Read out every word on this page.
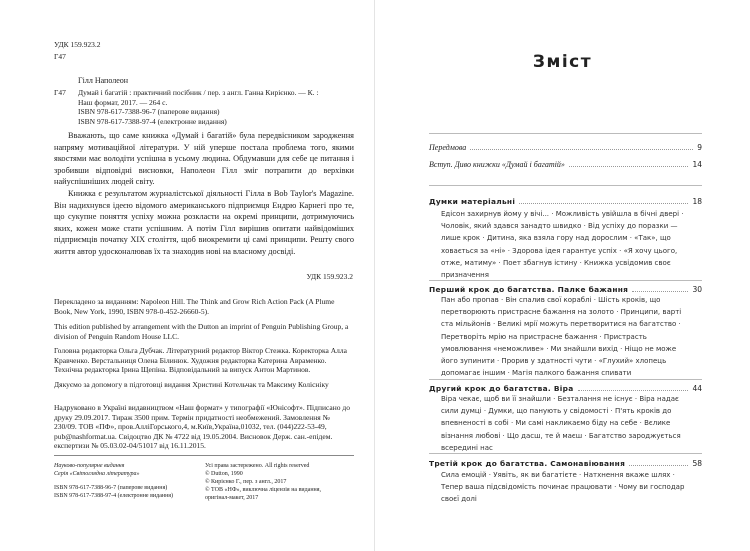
УДК 159.923.2
Г47
Гілл Наполеон
Г47 Думай і багатій : практичний посібник / пер. з англ. Ганна Кирієнко. — К. :
Наш формат, 2017. — 264 с.
ISBN 978-617-7388-96-7 (паперове видання)
ISBN 978-617-7388-97-4 (електронне видання)

Вважають, що саме книжка «Думай і багатій» була передвісником зародження напряму мотиваційної літератури. У ній уперше постала проблема того, якими якостями має володіти успішна в усьому людина. Обдумавши для себе це питання і зробивши відповідні висновки, Наполеон Гілл зміг потрапити до верхівки найуспішніших людей світу.

Книжка є результатом журналістської діяльності Гілла в Bob Taylor's Magazine. Він надихнувся ідеєю відомого американського підприємця Ендрю Карнегі про те, що сукупне поняття успіху можна розкласти на окремі принципи, дотримуючись яких, кожен може стати успішним. А потім Гілл вирішив опитати найвідоміших підприємців початку ХІХ століття, щоб виокремити ці самі принципи. Решту свого життя автор удосконалював їх та знаходив нові на власному досвіді.

УДК 159.923.2
Перекладено за виданням: Napoleon Hill. The Think and Grow Rich Action Pack (A Plume Book, New York, 1990, ISBN 978-0-452-26660-5).
This edition published by arrangement with the Dutton an imprint of Penguin Publishing Group, a division of Penguin Random House LLC.
Головна редакторка Ольга Дубчак. Літературний редактор Віктор Стежка. Коректорка Алла Кравченко. Верстальниця Олена Білинюк. Художня редакторка Катерина Авраменко. Технічна редакторка Ірина Щепіна. Відповідальний за випуск Антон Мартинов.
Дякуємо за допомогу в підготовці видання Христині Котельчак та Максиму Колісніку
Надруковано в Україні видавництвом «Наш формат» у типографії «Юнісофт». Підписано до друку 29.09.2017. Тираж 3500 прим. Термін придатності необмежений. Замовлення № 230/09. ТОВ «ПФ», пров.АлліГорського,4, м.Київ,Україна,01032, тел. (044)222-53-49, pub@nashformat.ua. Свідоцтво ДК № 4722 від 19.05.2004. Висновок Держ. сан.-епідем. експертизи № 05.03.02-04/51017 від 16.11.2015.
Науково-популярне видання
Серія «Світоглядна література»
ISBN 978-617-7388-96-7 (паперове видання)
ISBN 978-617-7388-97-4 (електронне видання)
Усі права застережено. All rights reserved
© Dutton, 1990
© Кирієнко Г., пер. з англ., 2017
© ТОВ «НФ», виключна ліцензія на видання,
оригінал-макет, 2017
Зміст
Передмова	9
Вступ. Диво книжки «Думай і багатій»	14
Думки матеріальні	18
Едісон захирнув йому у вічі... · Можливість увійшла в бічні двері ·
Чоловік, який здався занадто швидко · Від успіху до поразки —
лише крок · Дитина, яка взяла гору над дорослим · «Так», що
ховається за «ні» · Здорова ідея гарантує успіх · «Я хочу цього,
отже, матиму» · Поет збагнув істину · Книжка усвідомив своє
призначення
Перший крок до багатства. Палке бажання	30
Пан або пропав · Він спалив свої кораблі · Шість кроків, що
перетворюють пристрасне бажання на золото · Принципи, варті
ста мільйонів · Великі мрії можуть перетворитися на багатство ·
Перетворіть мрію на пристрасне бажання · Пристрасть
умовлювання «неможливе» · Ми знайшли вихід · Ніщо не може
його зупинити · Прорив у здатності чути · «Глухий» хлопець
допомагає іншим · Магія палкого бажання спивати
Другий крок до багатства. Віра	44
Віра чекає, щоб ви її знайшли · Безталання не існує · Віра надає
сили думці · Думки, що панують у свідомості · П'ять кроків до
впевненості в собі · Ми самі накликаємо біду на себе · Вєлике
візнання любові · Що дасш, те й маєш · Багатство зароджується
всередині нас
Третій крок до багатства. Самонавіювання	58
Сила емоцій · Уявіть, як ви багатієте · Натхнення вкаже шлях ·
Тепер ваша підсвідомість починає працювати · Чому ви господар
своєї долі
